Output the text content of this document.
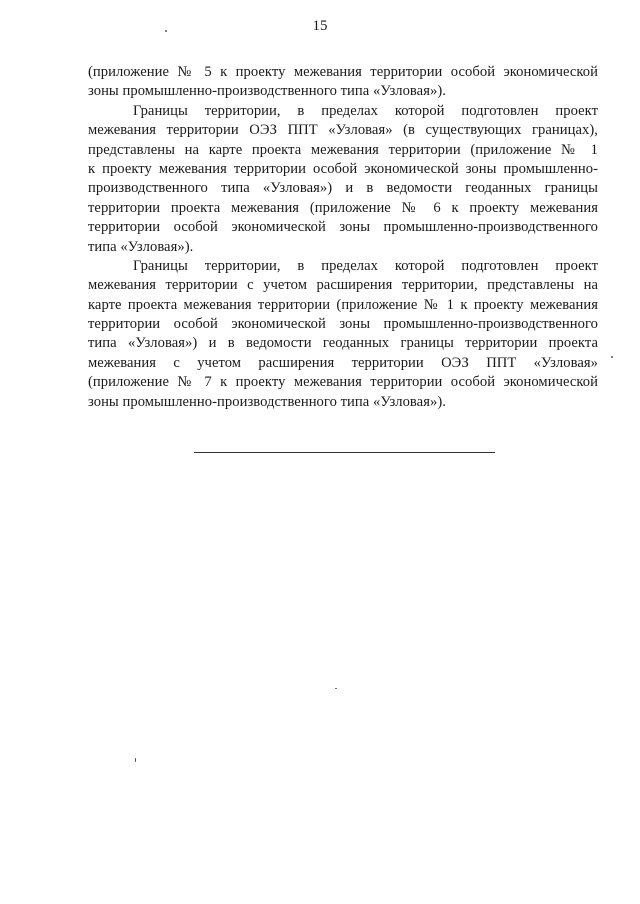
15
(приложение № 5 к проекту межевания территории особой экономической
зоны промышленно-производственного типа «Узловая»).
Границы территории, в пределах которой подготовлен проект
межевания территории ОЭЗ ППТ «Узловая» (в существующих границах),
представлены на карте проекта межевания территории (приложение № 1
к проекту межевания территории особой экономической зоны промышленно-
производственного типа «Узловая») и в ведомости геоданных границы
территории проекта межевания (приложение № 6 к проекту межевания
территории особой экономической зоны промышленно-производственного
типа «Узловая»).
Границы территории, в пределах которой подготовлен проект
межевания территории с учетом расширения территории, представлены на
карте проекта межевания территории (приложение № 1 к проекту межевания
территории особой экономической зоны промышленно-производственного
типа «Узловая») и в ведомости геоданных границы территории проекта
межевания с учетом расширения территории ОЭЗ ППТ «Узловая»
(приложение № 7 к проекту межевания территории особой экономической
зоны промышленно-производственного типа «Узловая»).
